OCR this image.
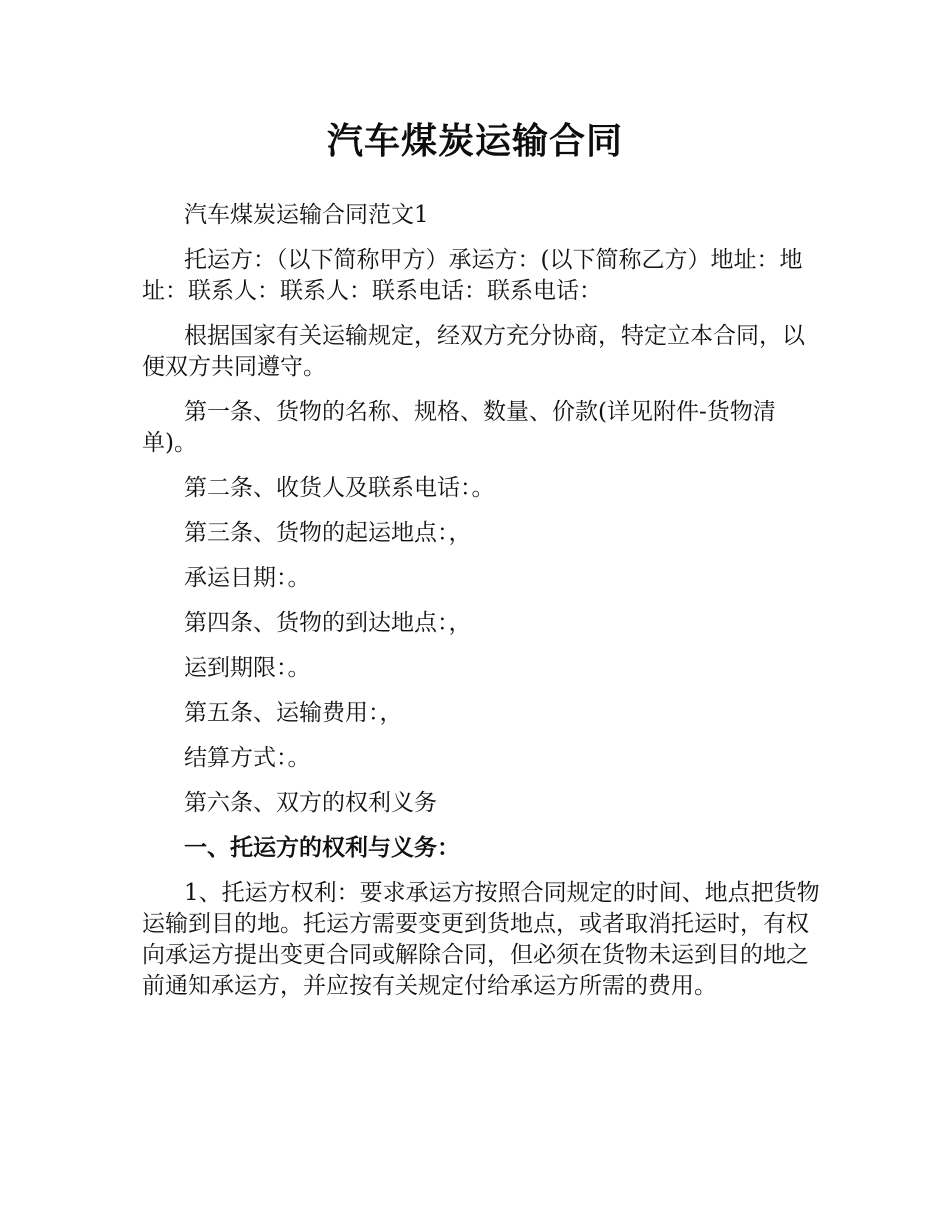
汽车煤炭运输合同

汽车煤炭运输合同范文1

托运方：（以下简称甲方）承运方：(以下简称乙方）地址：地址：联系人：联系人：联系电话：联系电话：

根据国家有关运输规定，经双方充分协商，特定立本合同，以便双方共同遵守。

第一条、货物的名称、规格、数量、价款(详见附件-货物清单)。

第二条、收货人及联系电话：。

第三条、货物的起运地点：，

承运日期：。

第四条、货物的到达地点：，

运到期限：。

第五条、运输费用：，

结算方式：。

第六条、双方的权利义务

一、托运方的权利与义务：

1、托运方权利：要求承运方按照合同规定的时间、地点把货物运输到目的地。托运方需要变更到货地点，或者取消托运时，有权向承运方提出变更合同或解除合同，但必须在货物未运到目的地之前通知承运方，并应按有关规定付给承运方所需的费用。
